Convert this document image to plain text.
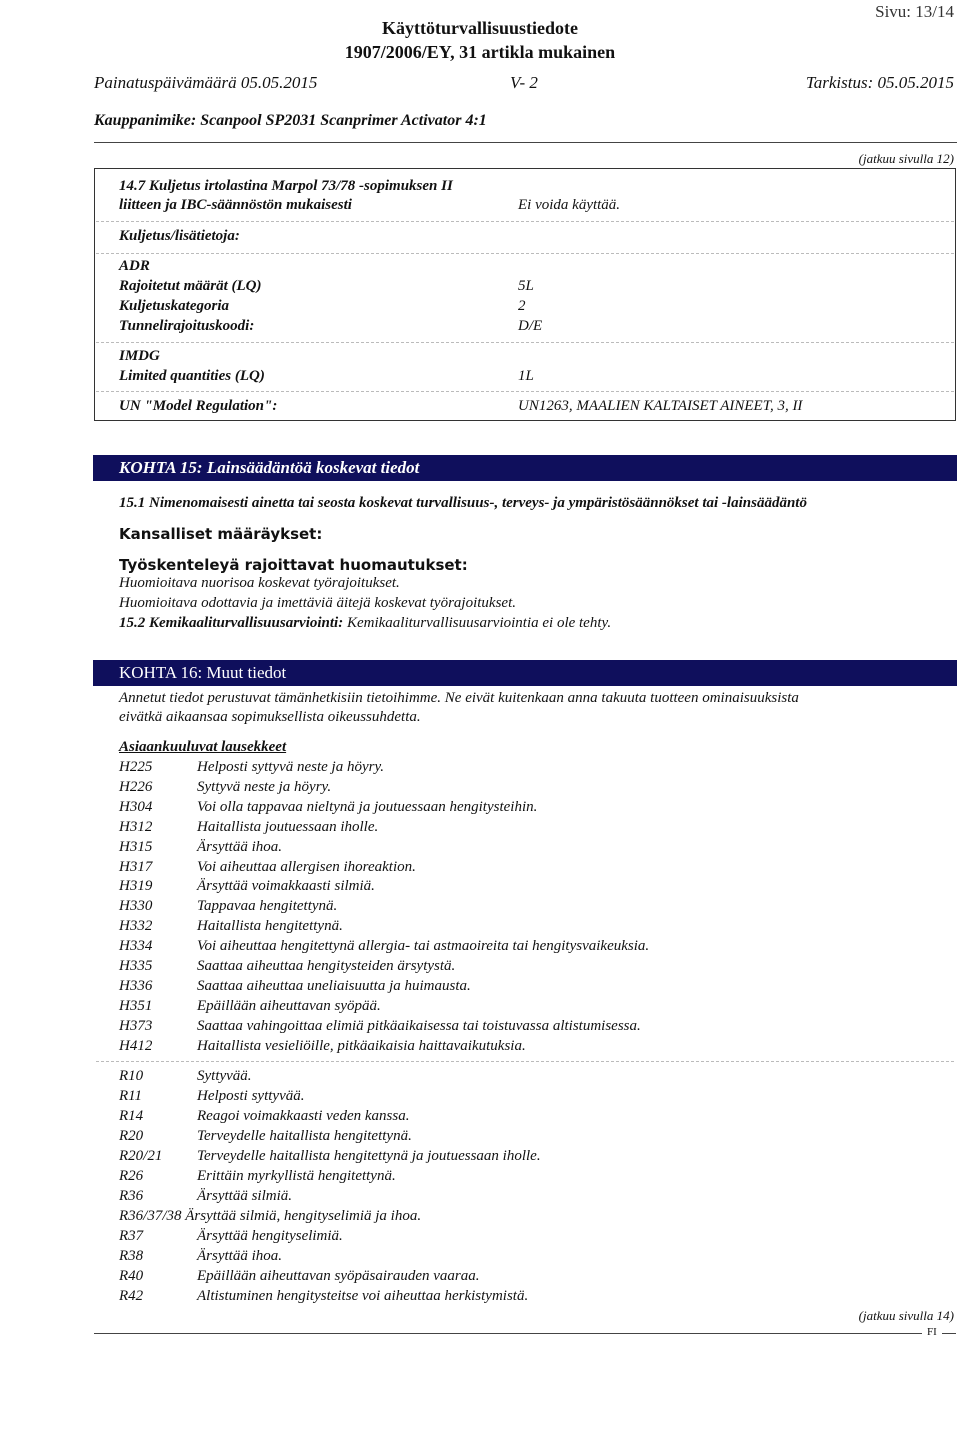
Sivu: 13/14
Käyttöturvallisuustiedote
1907/2006/EY, 31 artikla mukainen
Painatuspäivämäärä 05.05.2015	V- 2	Tarkistus: 05.05.2015
Kauppanimike: Scanpool SP2031 Scanprimer Activator 4:1
(jatkuu sivulla 12)
14.7 Kuljetus irtolastina Marpol 73/78 -sopimuksen II
liitteen ja IBC-säännöstön mukaisesti	Ei voida käyttää.
Kuljetus/lisätietoja:
ADR
Rajoitetut määrät (LQ)	5L
Kuljetuskategoria	2
Tunnelirajoituskoodi:	D/E
IMDG
Limited quantities (LQ)	1L
UN "Model Regulation":	UN1263, MAALIEN KALTAISET AINEET, 3, II
KOHTA 15: Lainsäädäntöä koskevat tiedot
15.1 Nimenomaisesti ainetta tai seosta koskevat turvallisuus-, terveys- ja ympäristösäännökset tai -lainsäädäntö
Kansalliset määräykset:
Työskenteleyä rajoittavat huomautukset:
Huomioitava nuorisoa koskevat työrajoitukset.
Huomioitava odottavia ja imettäviä äitejä koskevat työrajoitukset.
15.2 Kemikaaliturvallisuusarviointi: Kemikaaliturvallisuusarviointia ei ole tehty.
KOHTA 16: Muut tiedot
Annetut tiedot perustuvat tämänhetkisiin tietoihimme. Ne eivät kuitenkaan anna takuuta tuotteen ominaisuuksista
eivätkä aikaansaa sopimuksellista oikeussuhdetta.
Asiaankuuluvat lausekkeet
H225	Helposti syttyvä neste ja höyry.
H226	Syttyvä neste ja höyry.
H304	Voi olla tappavaa nieltynä ja joutuessaan hengitysteihin.
H312	Haitallista joutuessaan iholle.
H315	Ärsyttää ihoa.
H317	Voi aiheuttaa allergisen ihoreaktion.
H319	Ärsyttää voimakkaasti silmiä.
H330	Tappavaa hengitettynä.
H332	Haitallista hengitettynä.
H334	Voi aiheuttaa hengitettynä allergia- tai astmaoireita tai hengitysvaikeuksia.
H335	Saattaa aiheuttaa hengitysteiden ärsytystä.
H336	Saattaa aiheuttaa uneliaisuutta ja huimausta.
H351	Epäillään aiheuttavan syöpää.
H373	Saattaa vahingoittaa elimiä pitkäaikaisessa tai toistuvassa altistumisessa.
H412	Haitallista vesieliöille, pitkäaikaisia haittavaikutuksia.
R10	Syttyvää.
R11	Helposti syttyvää.
R14	Reagoi voimakkaasti veden kanssa.
R20	Terveydelle haitallista hengitettynä.
R20/21 Terveydelle haitallista hengitettynä ja joutuessaan iholle.
R26	Erittäin myrkyllistä hengitettynä.
R36	Ärsyttää silmiä.
R36/37/38 Ärsyttää silmiä, hengityselimiä ja ihoa.
R37	Ärsyttää hengityselimiä.
R38	Ärsyttää ihoa.
R40	Epäillään aiheuttavan syöpäsairauden vaaraa.
R42	Altistuminen hengitysteitse voi aiheuttaa herkistymistä.
(jatkuu sivulla 14)
FI
